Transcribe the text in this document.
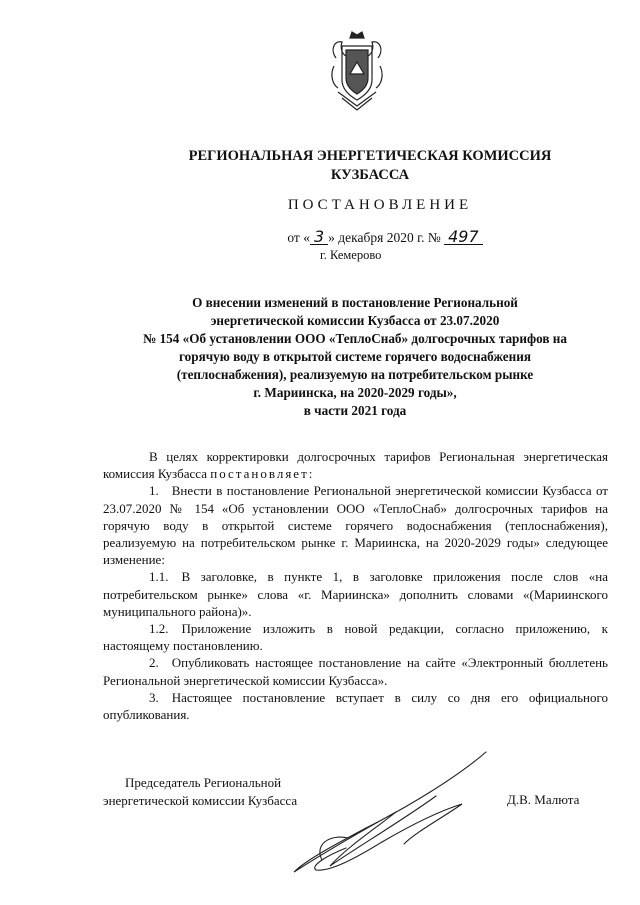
РЕГИОНАЛЬНАЯ ЭНЕРГЕТИЧЕСКАЯ КОМИССИЯ
КУЗБАССА
ПОСТАНОВЛЕНИЕ
от « 3 » декабря 2020 г. № 497
г. Кемерово
О внесении изменений в постановление Региональной
энергетической комиссии Кузбасса от 23.07.2020
№ 154 «Об установлении ООО «ТеплоСнаб» долгосрочных тарифов на
горячую воду в открытой системе горячего водоснабжения
(теплоснабжения), реализуемую на потребительском рынке
г. Мариинска, на 2020-2029 годы»,
в части 2021 года

В целях корректировки долгосрочных тарифов Региональная энергетическая комиссия Кузбасса постановляет:

1. Внести в постановление Региональной энергетической комиссии Кузбасса от 23.07.2020 № 154 «Об установлении ООО «ТеплоСнаб» долгосрочных тарифов на горячую воду в открытой системе горячего водоснабжения (теплоснабжения), реализуемую на потребительском рынке г. Мариинска, на 2020-2029 годы» следующее изменение:

1.1. В заголовке, в пункте 1, в заголовке приложения после слов «на потребительском рынке» слова «г. Мариинска» дополнить словами «(Мариинского муниципального района)».

1.2. Приложение изложить в новой редакции, согласно приложению, к настоящему постановлению.

2. Опубликовать настоящее постановление на сайте «Электронный бюллетень Региональной энергетической комиссии Кузбасса».

3. Настоящее постановление вступает в силу со дня его официального опубликования.

Председатель Региональной
энергетической комиссии Кузбасса	Д.В. Малюта
